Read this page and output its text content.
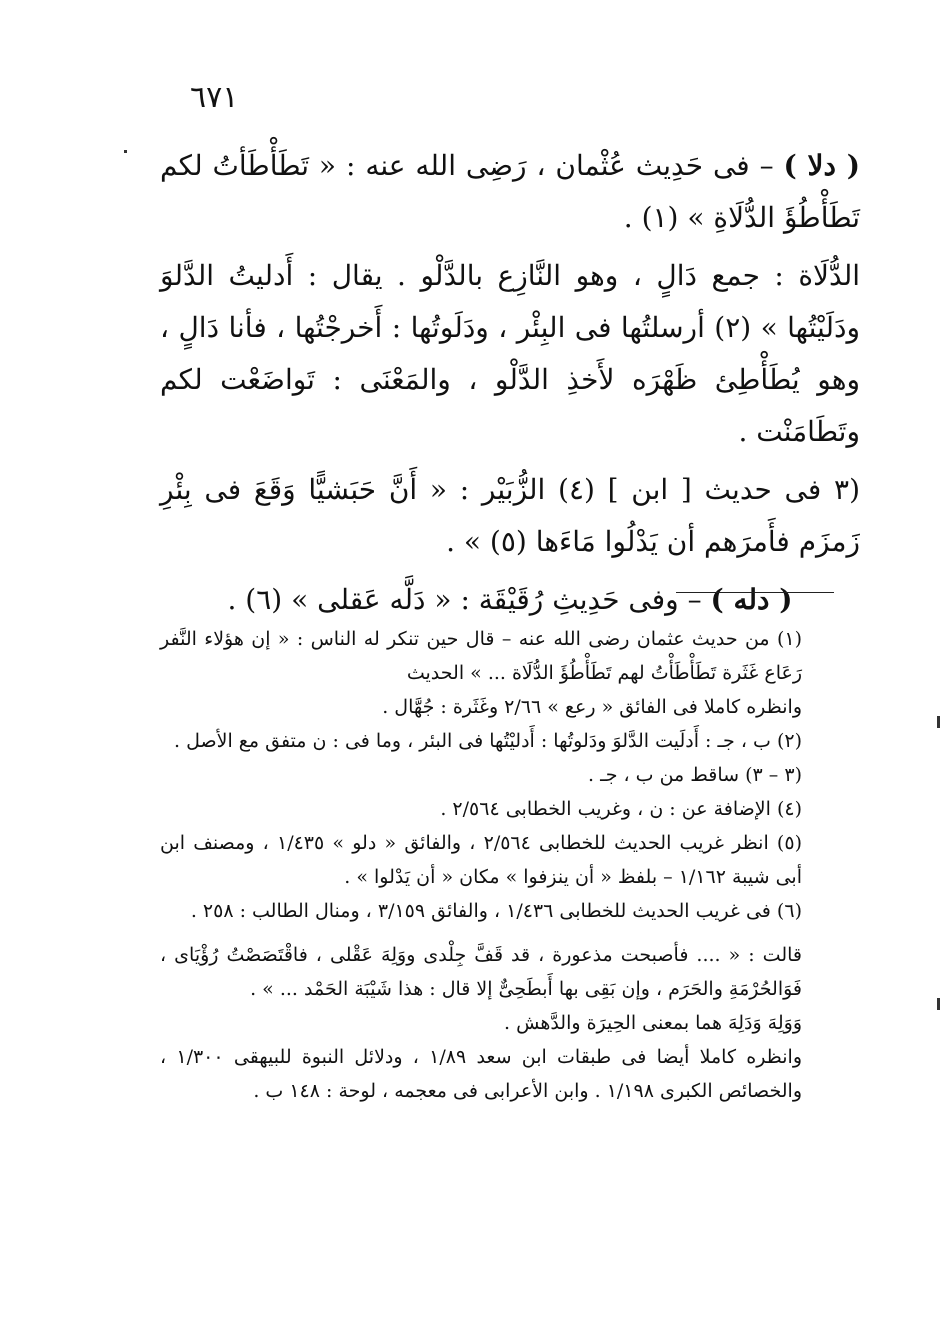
٦٧١

( دلا ) – فى حَدِيث عُثْمان ، رَضِى الله عنه : « تَطَأْطَأتُ لكم تَطَأْطُؤَ الدُّلَاةِ » (١) .

الدُّلَاة : جمع دَالٍ ، وهو النَّازِع بالدَّلْو . يقال : أَدليتُ الدَّلوَ ودَلَيْتُها » (٢) أرسلتُها فى البِئْر ، ودَلَوتُها : أَخرجْتُها ، فأنا دَالٍ ، وهو يُطَأْطِئ ظَهْرَه لأَخذِ الدَّلْو ، والمَعْنَى : تَواضَعْت لكم وتَطَامَنْت .

(٣ فى حديث [ ابن ] (٤) الزُّبَيْر : « أَنَّ حَبَشيًّا وَقَعَ فى بِئْرِ زَمزَم فأَمرَهم أن يَدْلُوا مَاءَها (٥) » .

( دله ) – وفى حَدِيثِ رُقَيْقَة : « دَلَّه عَقلى » (٦) .

(١) من حديث عثمان رضى الله عنه – قال حين تنكر له الناس : « إن هؤلاء النَّفر رَعَاع غَثَرة تَطَأْطَأْتُ لهم تَطَأْطُؤَ الدُّلَاة ... » الحديث

وانظره كاملا فى الفائق « رعع » ٢/٦٦ وغَثَرة : جُهَّال .

(٢) ب ، جـ : أَدلَيت الدَّلوَ ودَلوتُها : أَدليْتُها فى البئر ، وما فى : ن متفق مع الأصل .

(٣ – ٣) ساقط من ب ، جـ .

(٤) الإضافة عن : ن ، وغريب الخطابى ٢/٥٦٤ .

(٥) انظر غريب الحديث للخطابى ٢/٥٦٤ ، والفائق « دلو » ١/٤٣٥ ، ومصنف ابن أبى شيبة ١/١٦٢ – بلفظ « أن ينزفوا » مكان « أن يَدْلوا » .

(٦) فى غريب الحديث للخطابى ١/٤٣٦ ، والفائق ٣/١٥٩ ، ومنال الطالب : ٢٥٨ .

قالت : « .... فأصبحت مذعورة ، قد قَفَّ جِلْدى ووَلِهَ عَقْلى ، فاقْتَصَصْتُ رُؤْيَاى ، فَوَالحُرْمَةِ والحَرَم ، وإن بَقِى بها أَبطَحِىٌّ إلا قال : هذا شَيْبَة الحَمْد ... » .

وَوَلِهَ وَدَلِهَ هما بمعنى الحِيرَة والدَّهش .

وانظره كاملا أيضا فى طبقات ابن سعد ١/٨٩ ، ودلائل النبوة للبيهقى ١/٣٠٠ ، والخصائص الكبرى ١/١٩٨ . وابن الأعرابى فى معجمه ، لوحة : ١٤٨ ب .
